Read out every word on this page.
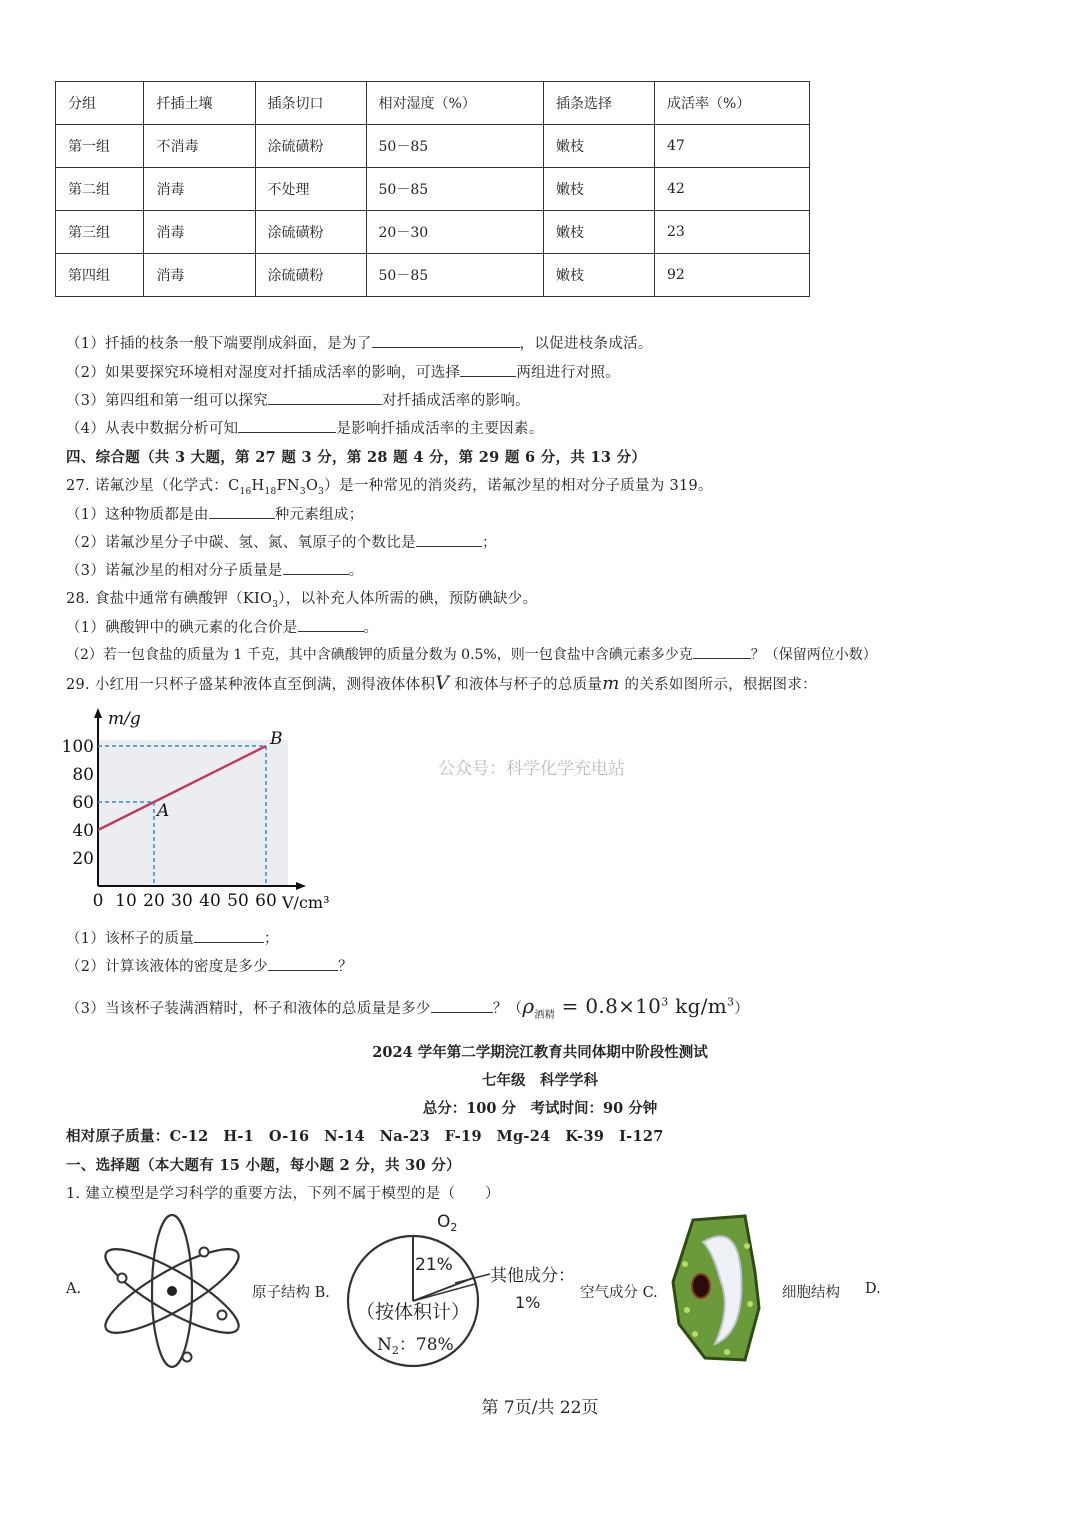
分组	扦插土壤	插条切口	相对湿度（%）	插条选择	成活率（%）
第一组	不消毒	涂硫磺粉	50－85	嫩枝	47
第二组	消毒	不处理	50－85	嫩枝	42
第三组	消毒	涂硫磺粉	20－30	嫩枝	23
第四组	消毒	涂硫磺粉	50－85	嫩枝	92
（1）扦插的枝条一般下端要削成斜面，是为了	，以促进枝条成活。
（2）如果要探究环境相对湿度对扦插成活率的影响，可选择	两组进行对照。
（3）第四组和第一组可以探究	对扦插成活率的影响。
（4）从表中数据分析可知	是影响扦插成活率的主要因素。
四、综合题（共 3 大题，第 27 题 3 分，第 28 题 4 分，第 29 题 6 分，共 13 分）
27. 诺氟沙星（化学式：$C_{16}H_{18}FN_3O_3$）是一种常见的消炎药，诺氟沙星的相对分子质量为 319。
（1）这种物质都是由	种元素组成；
（2）诺氟沙星分子中碳、氢、氮、氧原子的个数比是	；
（3）诺氟沙星的相对分子质量是	。
28. 食盐中通常有碘酸钾$(KIO_3)$，以补充人体所需的碘，预防碘缺少。
（1）碘酸钾中的碘元素的化合价是	。
（2）若一包食盐的质量为 1 千克，其中含碘酸钾的质量分数为 0.5%，则一包食盐中含碘元素多少克	？（保留两位小数）
29. 小红用一只杯子盛某种液体直至倒满，测得液体体积V 和液体与杯子的总质量m 的关系如图所示，根据图求：
A
B
20
40
60
80
100
0 10 20 30 40 50 60
m/g
V/cm³
公众号：科学化学充电站
（1）该杯子的质量	；
（2）计算该液体的密度是多少	？
（3）当该杯子装满酒精时，杯子和液体的总质量是多少	？（$\rho_{酒精} = 0.8\times 10^3$ $kg/m^3$）
2024 学年第二学期浣江教育共同体期中阶段性测试
七年级　科学学科
总分：100 分　考试时间：90 分钟
相对原子质量：C-12　H-1　O-16　N-14　Na-23　F-19　Mg-24　K-39　I-127
一、选择题（本大题有 15 小题，每小题 2 分，共 30 分）
1. 建立模型是学习科学的重要方法，下列不属于模型的是（　　）
A.	原子结构 B.
$O_2$
21%
其他成分：
1%
（按体积计）
$N_2$：78%
空气成分 C.	细胞结构 D.
第 7页/共 22页
